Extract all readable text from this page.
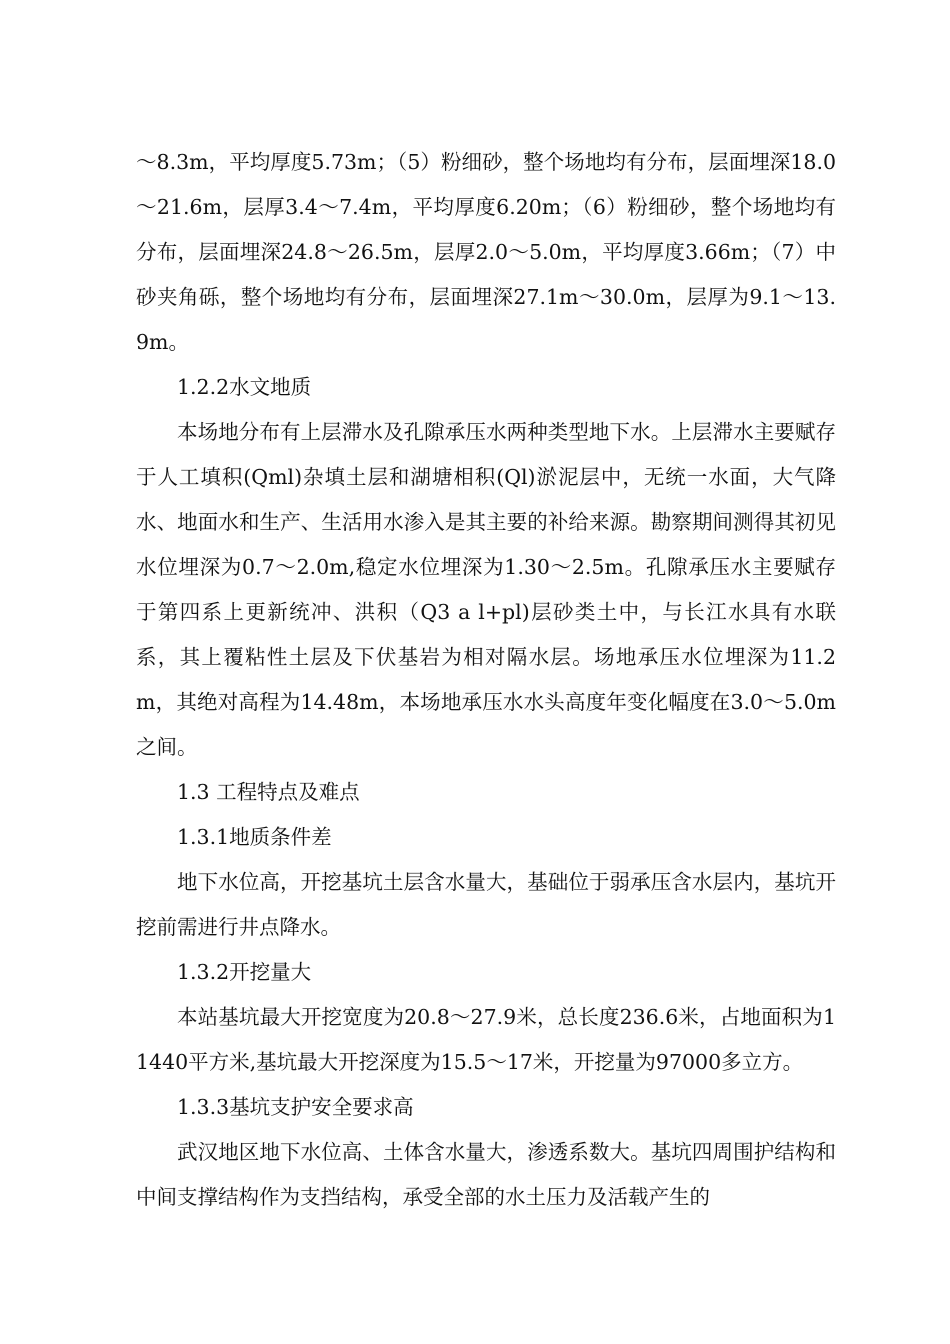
～8.3m，平均厚度5.73m；（5）粉细砂，整个场地均有分布，层面埋深18.0～21.6m，层厚3.4～7.4m，平均厚度6.20m；（6）粉细砂，整个场地均有分布，层面埋深24.8～26.5m，层厚2.0～5.0m，平均厚度3.66m；（7）中砂夹角砾，整个场地均有分布，层面埋深27.1m～30.0m，层厚为9.1～13.9m。

1.2.2水文地质

本场地分布有上层滞水及孔隙承压水两种类型地下水。上层滞水主要赋存于人工填积(Qml)杂填土层和湖塘相积(Ql)淤泥层中，无统一水面，大气降水、地面水和生产、生活用水渗入是其主要的补给来源。勘察期间测得其初见水位埋深为0.7～2.0m,稳定水位埋深为1.30～2.5m。孔隙承压水主要赋存于第四系上更新统冲、洪积（Q3 a l+pl)层砂类土中，与长江水具有水联系，其上覆粘性土层及下伏基岩为相对隔水层。场地承压水位埋深为11.2m，其绝对高程为14.48m，本场地承压水水头高度年变化幅度在3.0～5.0m之间。

1.3 工程特点及难点

1.3.1地质条件差

地下水位高，开挖基坑土层含水量大，基础位于弱承压含水层内，基坑开挖前需进行井点降水。

1.3.2开挖量大

本站基坑最大开挖宽度为20.8～27.9米，总长度236.6米，占地面积为11440平方米,基坑最大开挖深度为15.5～17米，开挖量为97000多立方。

1.3.3基坑支护安全要求高

武汉地区地下水位高、土体含水量大，渗透系数大。基坑四周围护结构和中间支撑结构作为支挡结构，承受全部的水土压力及活载产生的
